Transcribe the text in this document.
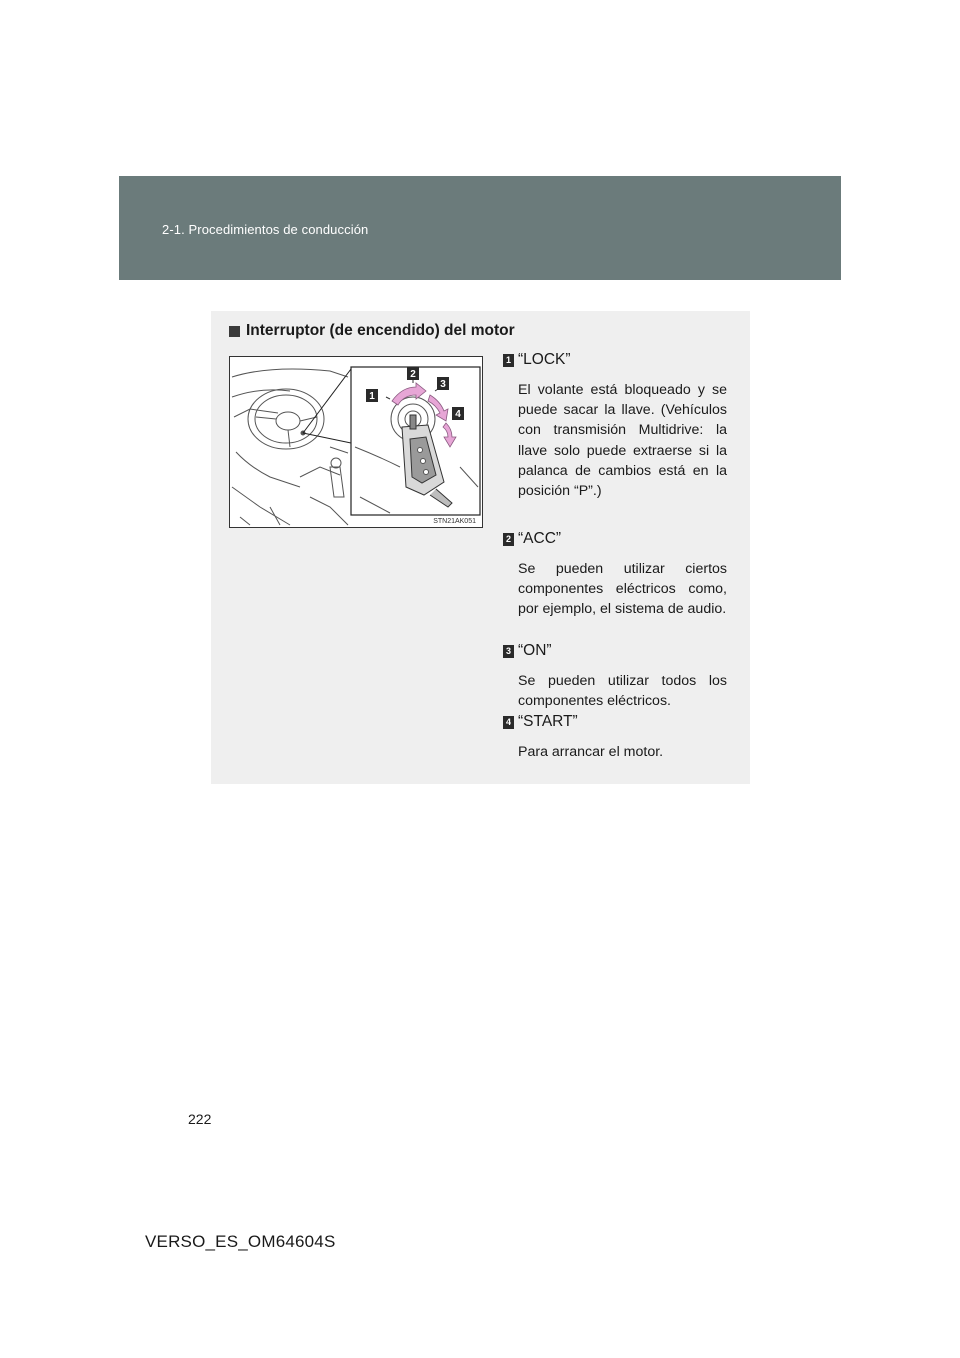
2-1. Procedimientos de conducción
Interruptor (de encendido) del motor
1
2
3
4
STN21AK051
1 “LOCK”
El volante está bloqueado y se puede sacar la llave. (Vehículos con transmisión Multidrive: la llave solo puede extraerse si la palanca de cambios está en la posición “P”.)
2 “ACC”
Se pueden utilizar ciertos componentes eléctricos como, por ejemplo, el sistema de audio.
3 “ON”
Se pueden utilizar todos los componentes eléctricos.
4 “START”
Para arrancar el motor.
222
VERSO_ES_OM64604S
